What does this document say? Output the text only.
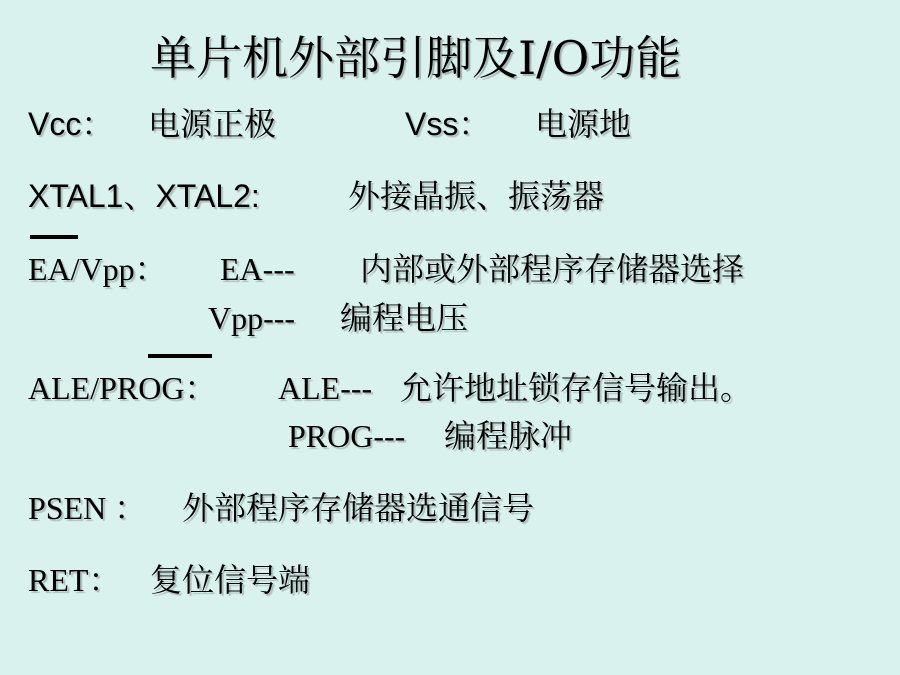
单片机外部引脚及I/O功能
Vcc： 电源正极	Vss： 电源地
XTAL1、XTAL2:	外接晶振、振荡器
EA/Vpp： EA--- 内部或外部程序存储器选择
Vpp--- 编程电压
ALE/PROG： ALE--- 允许地址锁存信号输出。
PROG--- 编程脉冲
PSEN ： 外部程序存储器选通信号
RET： 复位信号端
